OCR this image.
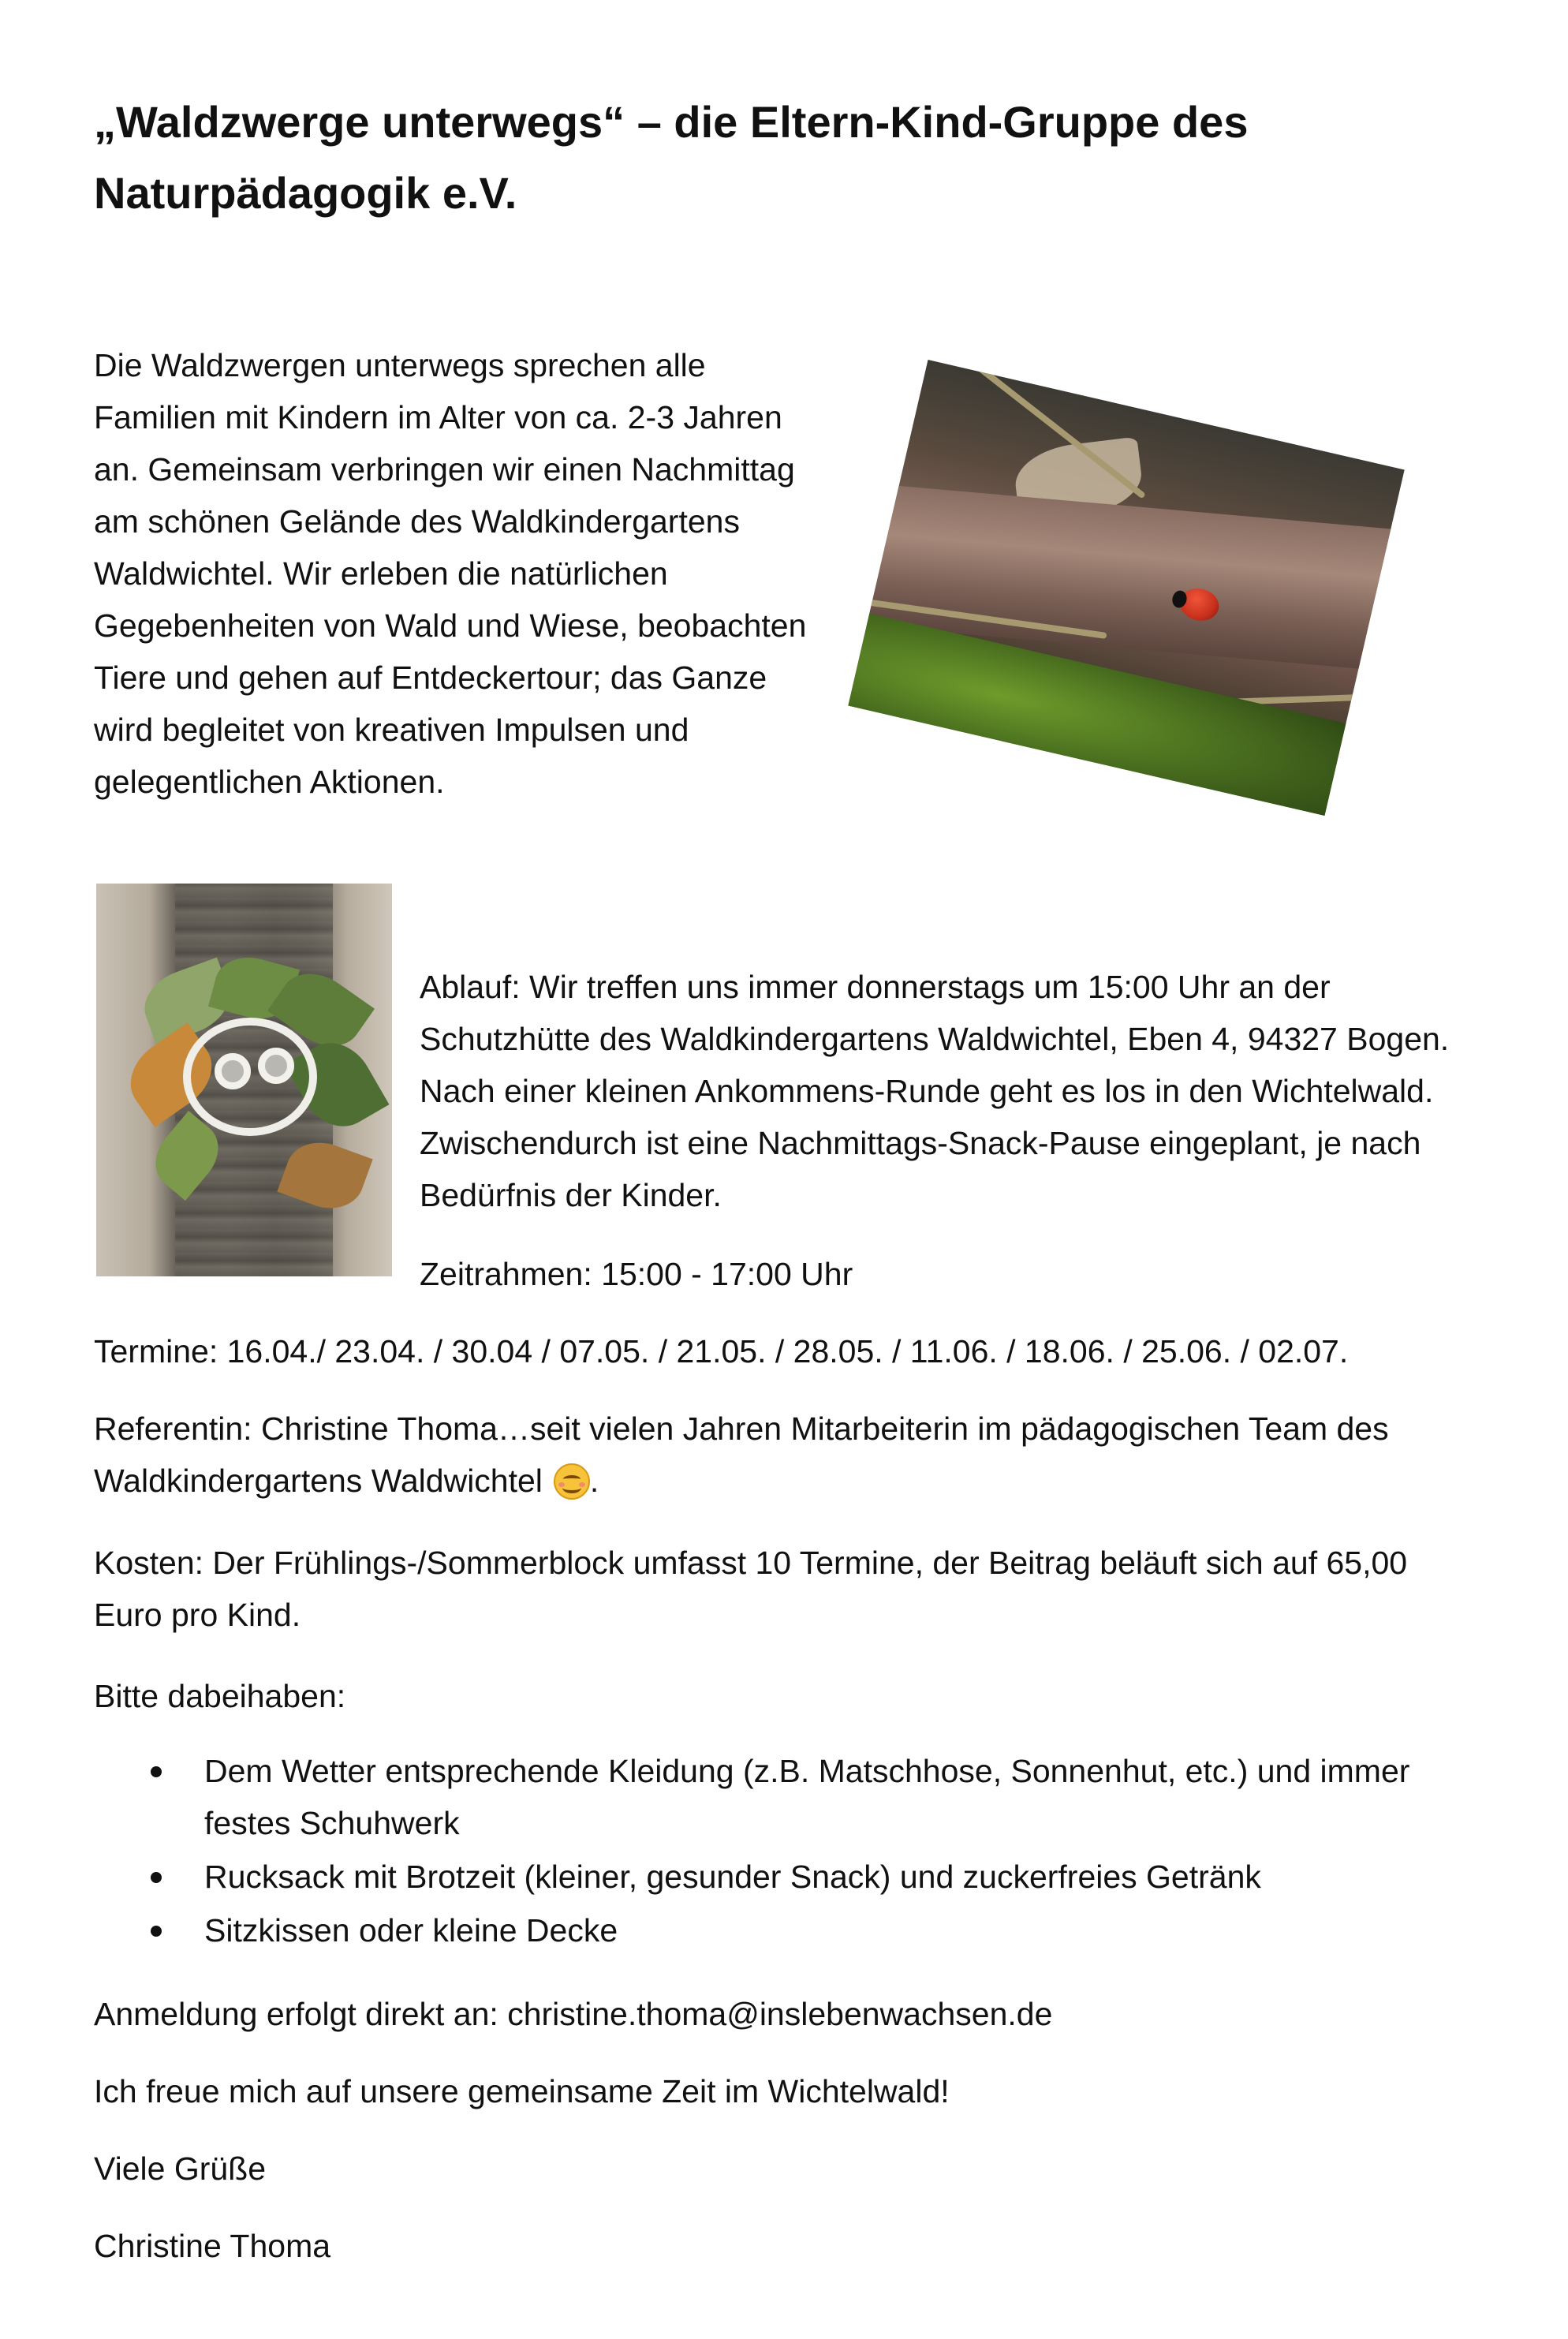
„Waldzwerge unterwegs“ – die Eltern-Kind-Gruppe des Naturpädagogik e.V.

Die Waldzwergen unterwegs sprechen alle Familien mit Kindern im Alter von ca. 2-3 Jahren an. Gemeinsam verbringen wir einen Nachmittag am schönen Gelände des Waldkindergartens Waldwichtel. Wir erleben die natürlichen Gegebenheiten von Wald und Wiese, beobachten Tiere und gehen auf Entdeckertour; das Ganze wird begleitet von kreativen Impulsen und gelegentlichen Aktionen.

Ablauf: Wir treffen uns immer donnerstags um 15:00 Uhr an der Schutzhütte des Waldkindergartens Waldwichtel, Eben 4, 94327 Bogen. Nach einer kleinen Ankommens-Runde geht es los in den Wichtelwald. Zwischendurch ist eine Nachmittags-Snack-Pause eingeplant, je nach Bedürfnis der Kinder.

Zeitrahmen: 15:00 - 17:00 Uhr

Termine: 16.04./ 23.04. / 30.04 / 07.05. / 21.05. / 28.05. / 11.06. / 18.06. / 25.06. / 02.07.

Referentin: Christine Thoma…seit vielen Jahren Mitarbeiterin im pädagogischen Team des Waldkindergartens Waldwichtel .

Kosten: Der Frühlings-/Sommerblock umfasst 10 Termine, der Beitrag beläuft sich auf 65,00 Euro pro Kind.

Bitte dabeihaben:

Dem Wetter entsprechende Kleidung (z.B. Matschhose, Sonnenhut, etc.) und immer festes Schuhwerk
Rucksack mit Brotzeit (kleiner, gesunder Snack) und zuckerfreies Getränk
Sitzkissen oder kleine Decke

Anmeldung erfolgt direkt an: christine.thoma@inslebenwachsen.de

Ich freue mich auf unsere gemeinsame Zeit im Wichtelwald!

Viele Grüße

Christine Thoma
